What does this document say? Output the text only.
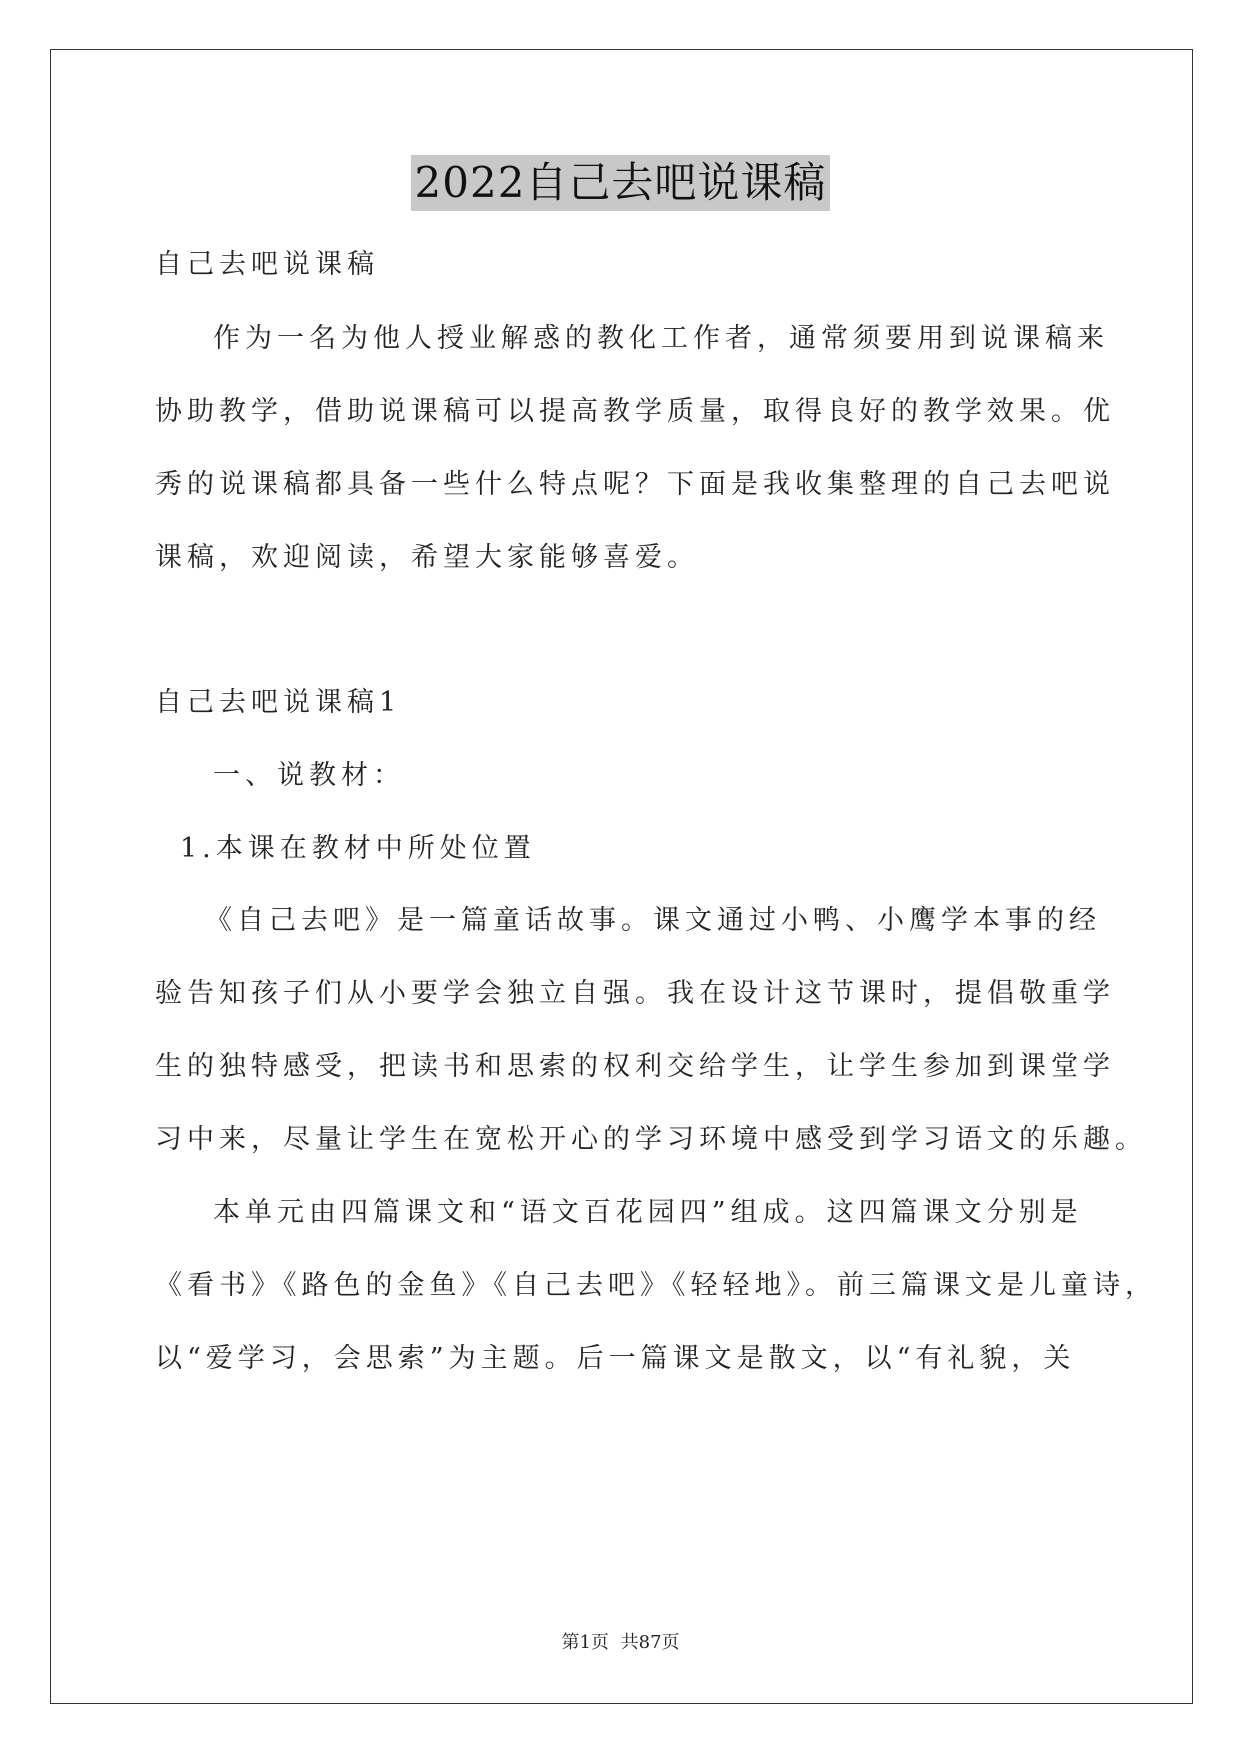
2022自己去吧说课稿
自己去吧说课稿
作为一名为他人授业解惑的教化工作者，通常须要用到说课稿来
协助教学，借助说课稿可以提高教学质量，取得良好的教学效果。优
秀的说课稿都具备一些什么特点呢？下面是我收集整理的自己去吧说
课稿，欢迎阅读，希望大家能够喜爱。
自己去吧说课稿1
一、说教材：
1.本课在教材中所处位置
《自己去吧》是一篇童话故事。课文通过小鸭、小鹰学本事的经
验告知孩子们从小要学会独立自强。我在设计这节课时，提倡敬重学
生的独特感受，把读书和思索的权利交给学生，让学生参加到课堂学
习中来，尽量让学生在宽松开心的学习环境中感受到学习语文的乐趣。
本单元由四篇课文和“语文百花园四”组成。这四篇课文分别是
《看书》《路色的金鱼》《自己去吧》《轻轻地》。前三篇课文是儿童诗，
以“爱学习，会思索”为主题。后一篇课文是散文，以“有礼貌，关
第1页 共87页
